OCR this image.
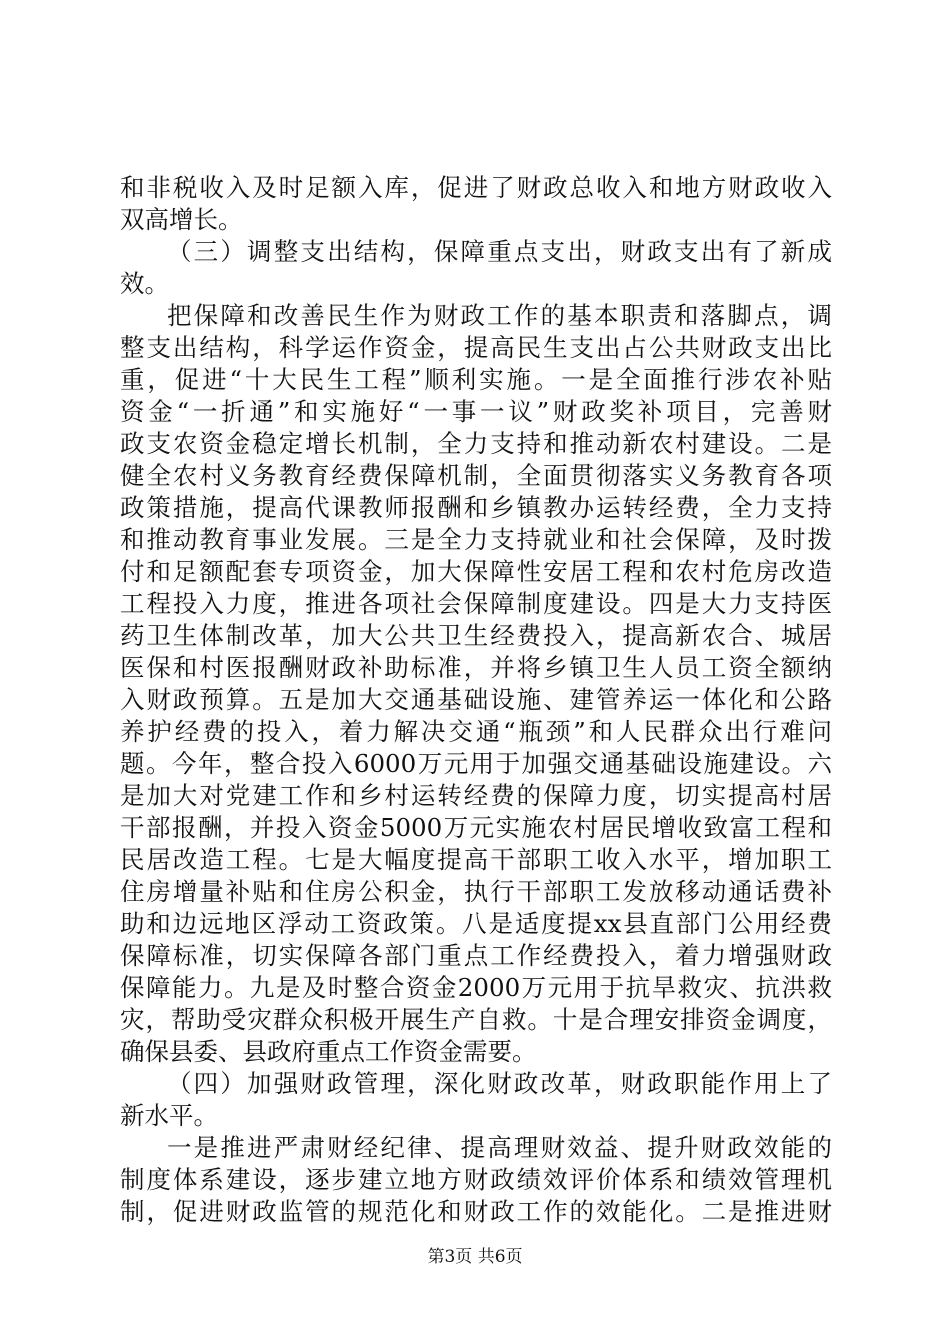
和非税收入及时足额入库，促进了财政总收入和地方财政收入
双高增长。
（三）调整支出结构，保障重点支出，财政支出有了新成
效。
把保障和改善民生作为财政工作的基本职责和落脚点，调
整支出结构，科学运作资金，提高民生支出占公共财政支出比
重，促进“十大民生工程”顺利实施。一是全面推行涉农补贴
资金“一折通”和实施好“一事一议”财政奖补项目，完善财
政支农资金稳定增长机制，全力支持和推动新农村建设。二是
健全农村义务教育经费保障机制，全面贯彻落实义务教育各项
政策措施，提高代课教师报酬和乡镇教办运转经费，全力支持
和推动教育事业发展。三是全力支持就业和社会保障，及时拨
付和足额配套专项资金，加大保障性安居工程和农村危房改造
工程投入力度，推进各项社会保障制度建设。四是大力支持医
药卫生体制改革，加大公共卫生经费投入，提高新农合、城居
医保和村医报酬财政补助标准，并将乡镇卫生人员工资全额纳
入财政预算。五是加大交通基础设施、建管养运一体化和公路
养护经费的投入，着力解决交通“瓶颈”和人民群众出行难问
题。今年，整合投入6000万元用于加强交通基础设施建设。六
是加大对党建工作和乡村运转经费的保障力度，切实提高村居
干部报酬，并投入资金5000万元实施农村居民增收致富工程和
民居改造工程。七是大幅度提高干部职工收入水平，增加职工
住房增量补贴和住房公积金，执行干部职工发放移动通话费补
助和边远地区浮动工资政策。八是适度提xx县直部门公用经费
保障标准，切实保障各部门重点工作经费投入，着力增强财政
保障能力。九是及时整合资金2000万元用于抗旱救灾、抗洪救
灾，帮助受灾群众积极开展生产自救。十是合理安排资金调度，
确保县委、县政府重点工作资金需要。
（四）加强财政管理，深化财政改革，财政职能作用上了
新水平。
一是推进严肃财经纪律、提高理财效益、提升财政效能的
制度体系建设，逐步建立地方财政绩效评价体系和绩效管理机
制，促进财政监管的规范化和财政工作的效能化。二是推进财
第3页 共6页
